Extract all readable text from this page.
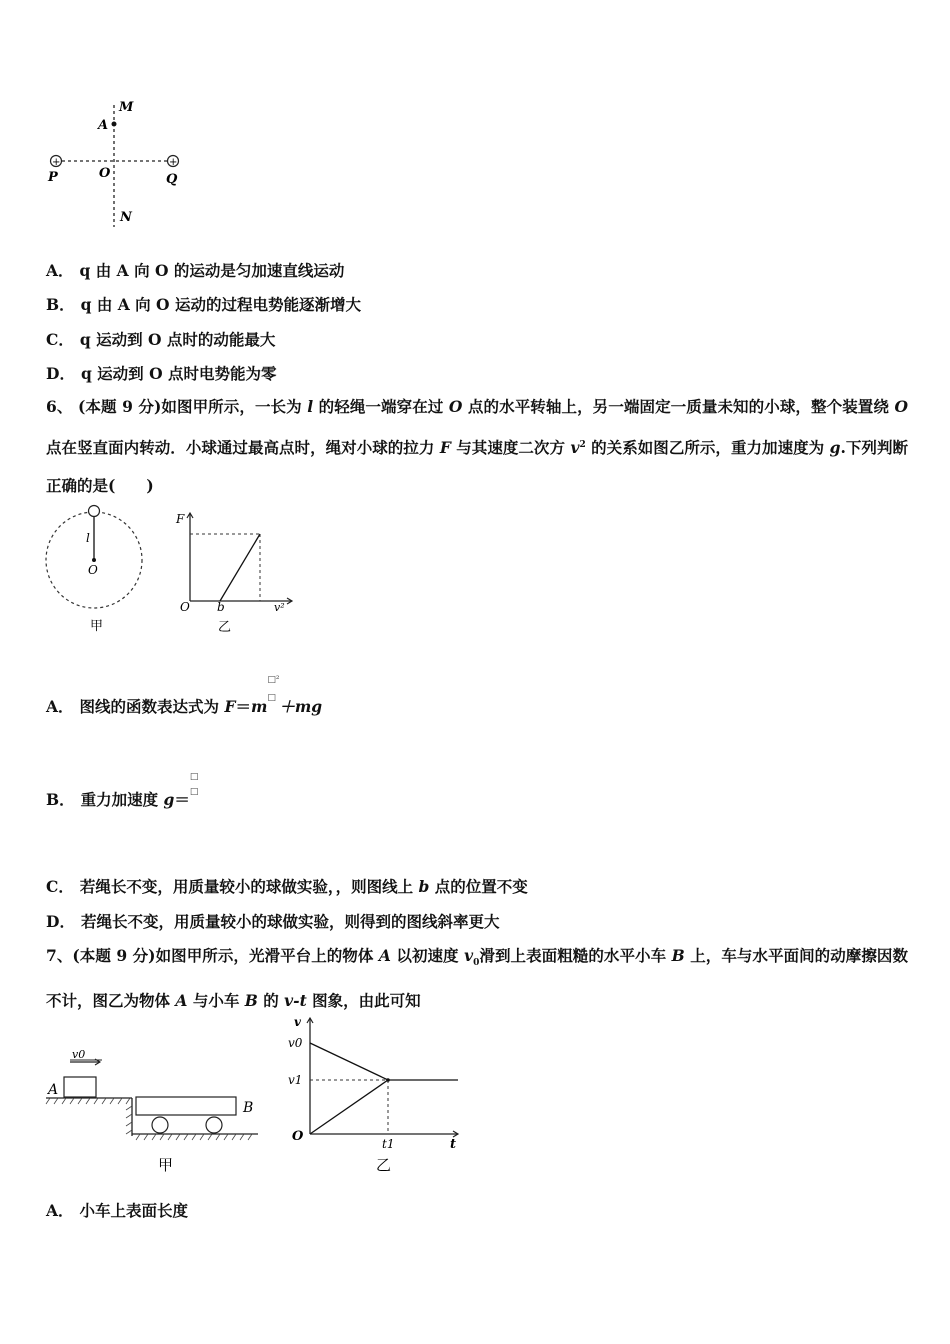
+	+
M
A
P	O	Q
N
A． q 由 A 向 O 的运动是匀加速直线运动
B． q 由 A 向 O 运动的过程电势能逐渐增大
C． q 运动到 O 点时的动能最大
D． q 运动到 O 点时电势能为零
6、 (本题 9 分)如图甲所示，一长为 l 的轻绳一端穿在过 O 点的水平转轴上，另一端固定一质量未知的小球，整个装置绕 O 点在竖直面内转动．小球通过最高点时，绳对小球的拉力 F 与其速度二次方 $v^2$ 的关系如图乙所示，重力加速度为 g.下列判断正确的是(　　)
l
O
甲
F
O b	v²
乙
A． 图线的函数表达式为 F＝m
□²
□ ＋mg
B． 重力加速度 g＝
□
□
C． 若绳长不变，用质量较小的球做实验，，则图线上 b 点的位置不变
D． 若绳长不变，用质量较小的球做实验，则得到的图线斜率更大
7、(本题 9 分)如图甲所示，光滑平台上的物体 A 以初速度 $v_0$滑到上表面粗糙的水平小车 B 上，车与水平面间的动摩擦因数不计，图乙为物体 A 与小车 B 的 v-t 图象，由此可知
v0
A
B
甲
v
v0
v1
O	t1	t
乙
A． 小车上表面长度
